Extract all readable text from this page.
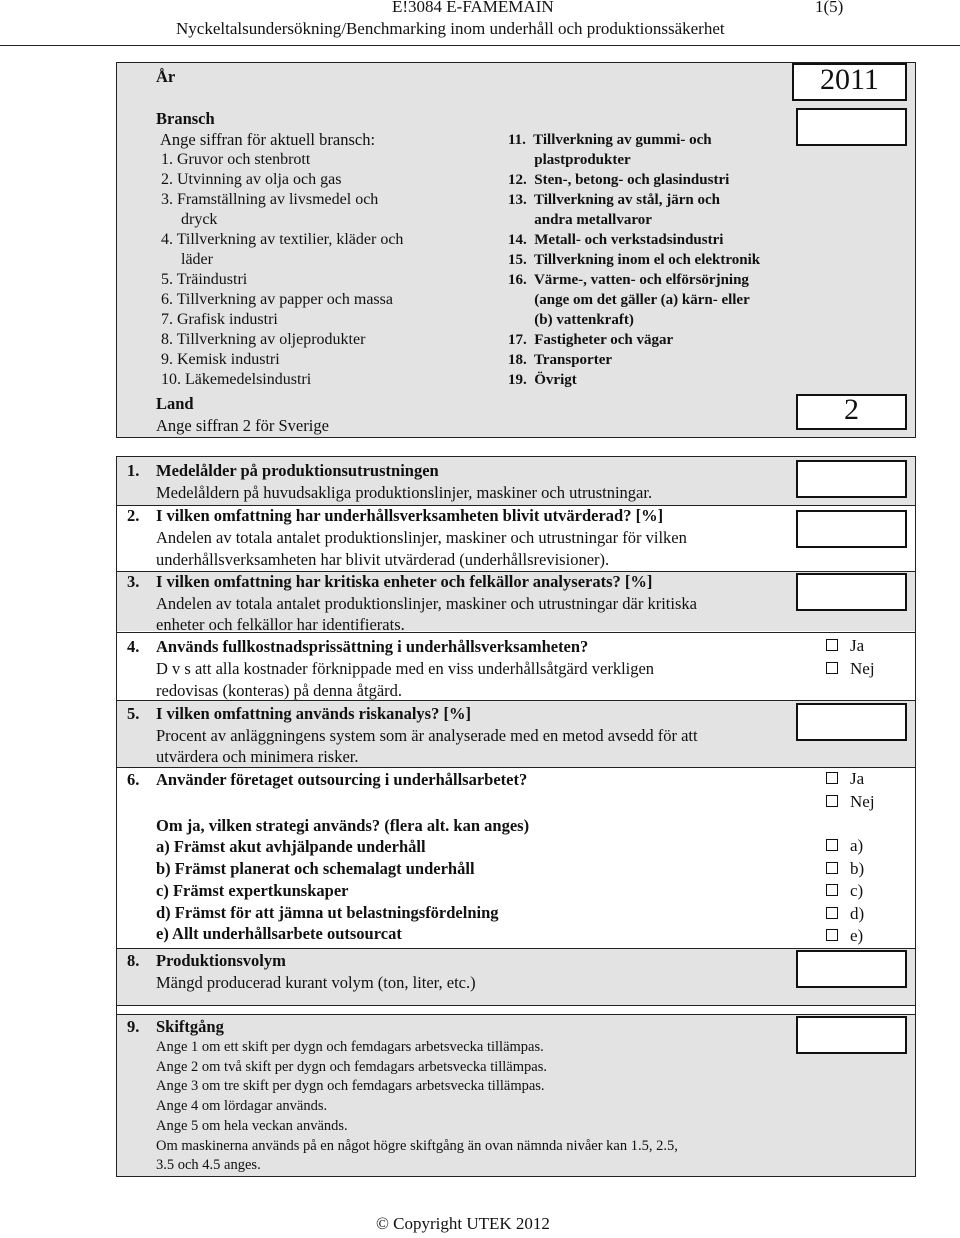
E!3084 E-FAMEMAIN	1(5)
Nyckeltalsundersökning/Benchmarking inom underhåll och produktionssäkerhet
År	2011
Bransch
Ange siffran för aktuell bransch:
1. Gruvor och stenbrott
2. Utvinning av olja och gas
3. Framställning av livsmedel och
dryck
4. Tillverkning av textilier, kläder och
läder
5. Träindustri
6. Tillverkning av papper och massa
7. Grafisk industri
8. Tillverkning av oljeprodukter
9. Kemisk industri
10. Läkemedelsindustri
11.  Tillverkning av gummi- och
plastprodukter
12.  Sten-, betong- och glasindustri
13.  Tillverkning av stål, järn och
andra metallvaror
14.  Metall- och verkstadsindustri
15.  Tillverkning inom el och elektronik
16.  Värme-, vatten- och elförsörjning
(ange om det gäller (a) kärn- eller
(b) vattenkraft)
17.  Fastigheter och vägar
18.  Transporter
19.  Övrigt
Land
Ange siffran 2 för Sverige	2
1. Medelålder på produktionsutrustningen
Medelåldern på huvudsakliga produktionslinjer, maskiner och utrustningar.
2. I vilken omfattning har underhållsverksamheten blivit utvärderad? [%]
Andelen av totala antalet produktionslinjer, maskiner och utrustningar för vilken
underhållsverksamheten har blivit utvärderad (underhållsrevisioner).
3. I vilken omfattning har kritiska enheter och felkällor analyserats? [%]
Andelen av totala antalet produktionslinjer, maskiner och utrustningar där kritiska
enheter och felkällor har identifierats.
4. Används fullkostnadsprissättning i underhållsverksamheten?
D v s att alla kostnader förknippade med en viss underhållsåtgärd verkligen
redovisas (konteras) på denna åtgärd.
Ja
Nej
5. I vilken omfattning används riskanalys? [%]
Procent av anläggningens system som är analyserade med en metod avsedd för att
utvärdera och minimera risker.
6. Använder företaget outsourcing i underhållsarbetet?	Ja
Nej
Om ja, vilken strategi används? (flera alt. kan anges)
a) Främst akut avhjälpande underhåll
b) Främst planerat och schemalagt underhåll
c) Främst expertkunskaper
d) Främst för att jämna ut belastningsfördelning
e) Allt underhållsarbete outsourcat
a)
b)
c)
d)
e)
8. Produktionsvolym
Mängd producerad kurant volym (ton, liter, etc.)
9. Skiftgång
Ange 1 om ett skift per dygn och femdagars arbetsvecka tillämpas.
Ange 2 om två skift per dygn och femdagars arbetsvecka tillämpas.
Ange 3 om tre skift per dygn och femdagars arbetsvecka tillämpas.
Ange 4 om lördagar används.
Ange 5 om hela veckan används.
Om maskinerna används på en något högre skiftgång än ovan nämnda nivåer kan 1.5, 2.5,
3.5 och 4.5 anges.
© Copyright UTEK 2012
